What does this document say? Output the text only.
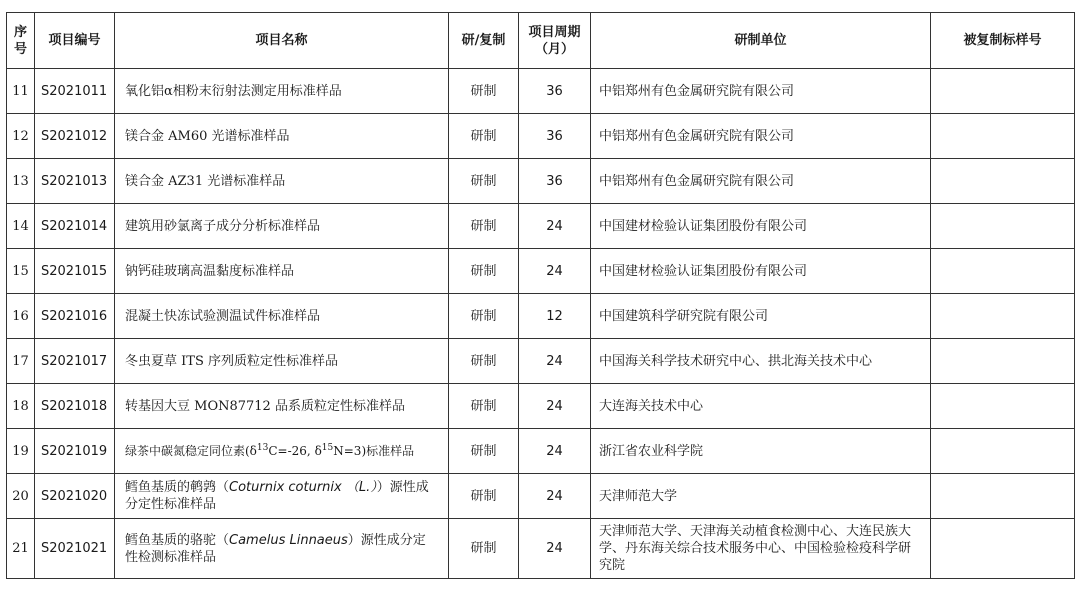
序号	项目编号	项目名称	研/复制	项目周期（月）	研制单位	被复制标样号
11	S2021011	氧化铝α相粉末衍射法测定用标准样品	研制	36	中铝郑州有色金属研究院有限公司	
12	S2021012	镁合金 AM60 光谱标准样品	研制	36	中铝郑州有色金属研究院有限公司	
13	S2021013	镁合金 AZ31 光谱标准样品	研制	36	中铝郑州有色金属研究院有限公司	
14	S2021014	建筑用砂氯离子成分分析标准样品	研制	24	中国建材检验认证集团股份有限公司	
15	S2021015	钠钙硅玻璃高温黏度标准样品	研制	24	中国建材检验认证集团股份有限公司	
16	S2021016	混凝土快冻试验测温试件标准样品	研制	12	中国建筑科学研究院有限公司	
17	S2021017	冬虫夏草 ITS 序列质粒定性标准样品	研制	24	中国海关科学技术研究中心、拱北海关技术中心	
18	S2021018	转基因大豆 MON87712 品系质粒定性标准样品	研制	24	大连海关技术中心	
19	S2021019	绿茶中碳氮稳定同位素($\delta^{13}C=-26$, $\delta^{15}N=3$)标准样品	研制	24	浙江省农业科学院	
20	S2021020	鳕鱼基质的鹌鹑（Coturnix coturnix （L.））源性成分定性标准样品	研制	24	天津师范大学	
21	S2021021	鳕鱼基质的骆驼（Camelus Linnaeus）源性成分定性检测标准样品	研制	24	天津师范大学、天津海关动植食检测中心、大连民族大学、丹东海关综合技术服务中心、中国检验检疫科学研究院	
